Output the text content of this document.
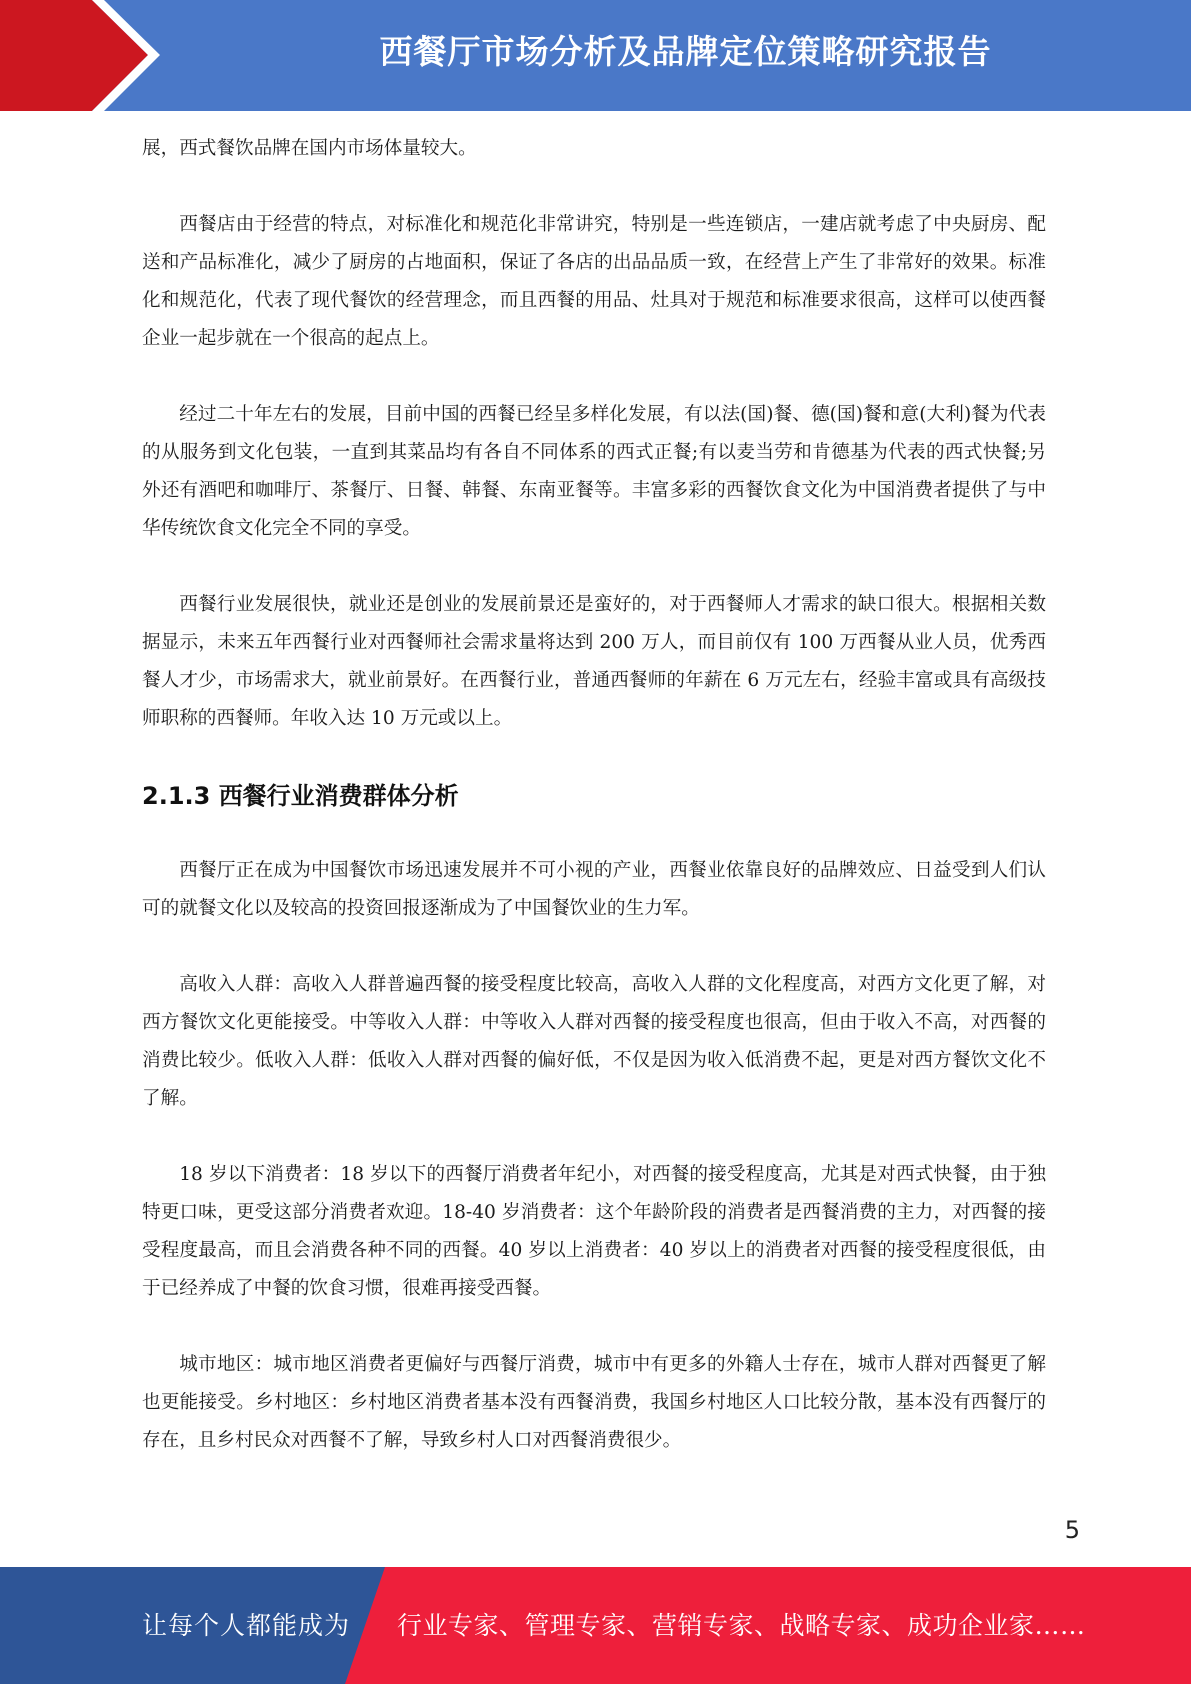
西餐厅市场分析及品牌定位策略研究报告

展，西式餐饮品牌在国内市场体量较大。

西餐店由于经营的特点，对标准化和规范化非常讲究，特别是一些连锁店，一建店就考虑了中央厨房、配送和产品标准化，减少了厨房的占地面积，保证了各店的出品品质一致，在经营上产生了非常好的效果。标准化和规范化，代表了现代餐饮的经营理念，而且西餐的用品、灶具对于规范和标准要求很高，这样可以使西餐企业一起步就在一个很高的起点上。

经过二十年左右的发展，目前中国的西餐已经呈多样化发展，有以法(国)餐、德(国)餐和意(大利)餐为代表的从服务到文化包装，一直到其菜品均有各自不同体系的西式正餐;有以麦当劳和肯德基为代表的西式快餐;另外还有酒吧和咖啡厅、茶餐厅、日餐、韩餐、东南亚餐等。丰富多彩的西餐饮食文化为中国消费者提供了与中华传统饮食文化完全不同的享受。

西餐行业发展很快，就业还是创业的发展前景还是蛮好的，对于西餐师人才需求的缺口很大。根据相关数据显示，未来五年西餐行业对西餐师社会需求量将达到 200 万人，而目前仅有 100 万西餐从业人员，优秀西餐人才少，市场需求大，就业前景好。在西餐行业，普通西餐师的年薪在 6 万元左右，经验丰富或具有高级技师职称的西餐师。年收入达 10 万元或以上。

2.1.3 西餐行业消费群体分析

西餐厅正在成为中国餐饮市场迅速发展并不可小视的产业，西餐业依靠良好的品牌效应、日益受到人们认可的就餐文化以及较高的投资回报逐渐成为了中国餐饮业的生力军。

高收入人群：高收入人群普遍西餐的接受程度比较高，高收入人群的文化程度高，对西方文化更了解，对西方餐饮文化更能接受。中等收入人群：中等收入人群对西餐的接受程度也很高，但由于收入不高，对西餐的消费比较少。低收入人群：低收入人群对西餐的偏好低，不仅是因为收入低消费不起，更是对西方餐饮文化不了解。

18 岁以下消费者：18 岁以下的西餐厅消费者年纪小，对西餐的接受程度高，尤其是对西式快餐，由于独特更口味，更受这部分消费者欢迎。18-40 岁消费者：这个年龄阶段的消费者是西餐消费的主力，对西餐的接受程度最高，而且会消费各种不同的西餐。40 岁以上消费者：40 岁以上的消费者对西餐的接受程度很低，由于已经养成了中餐的饮食习惯，很难再接受西餐。

城市地区：城市地区消费者更偏好与西餐厅消费，城市中有更多的外籍人士存在，城市人群对西餐更了解也更能接受。乡村地区：乡村地区消费者基本没有西餐消费，我国乡村地区人口比较分散，基本没有西餐厅的存在，且乡村民众对西餐不了解，导致乡村人口对西餐消费很少。

5
让每个人都能成为 行业专家、管理专家、营销专家、战略专家、成功企业家……
